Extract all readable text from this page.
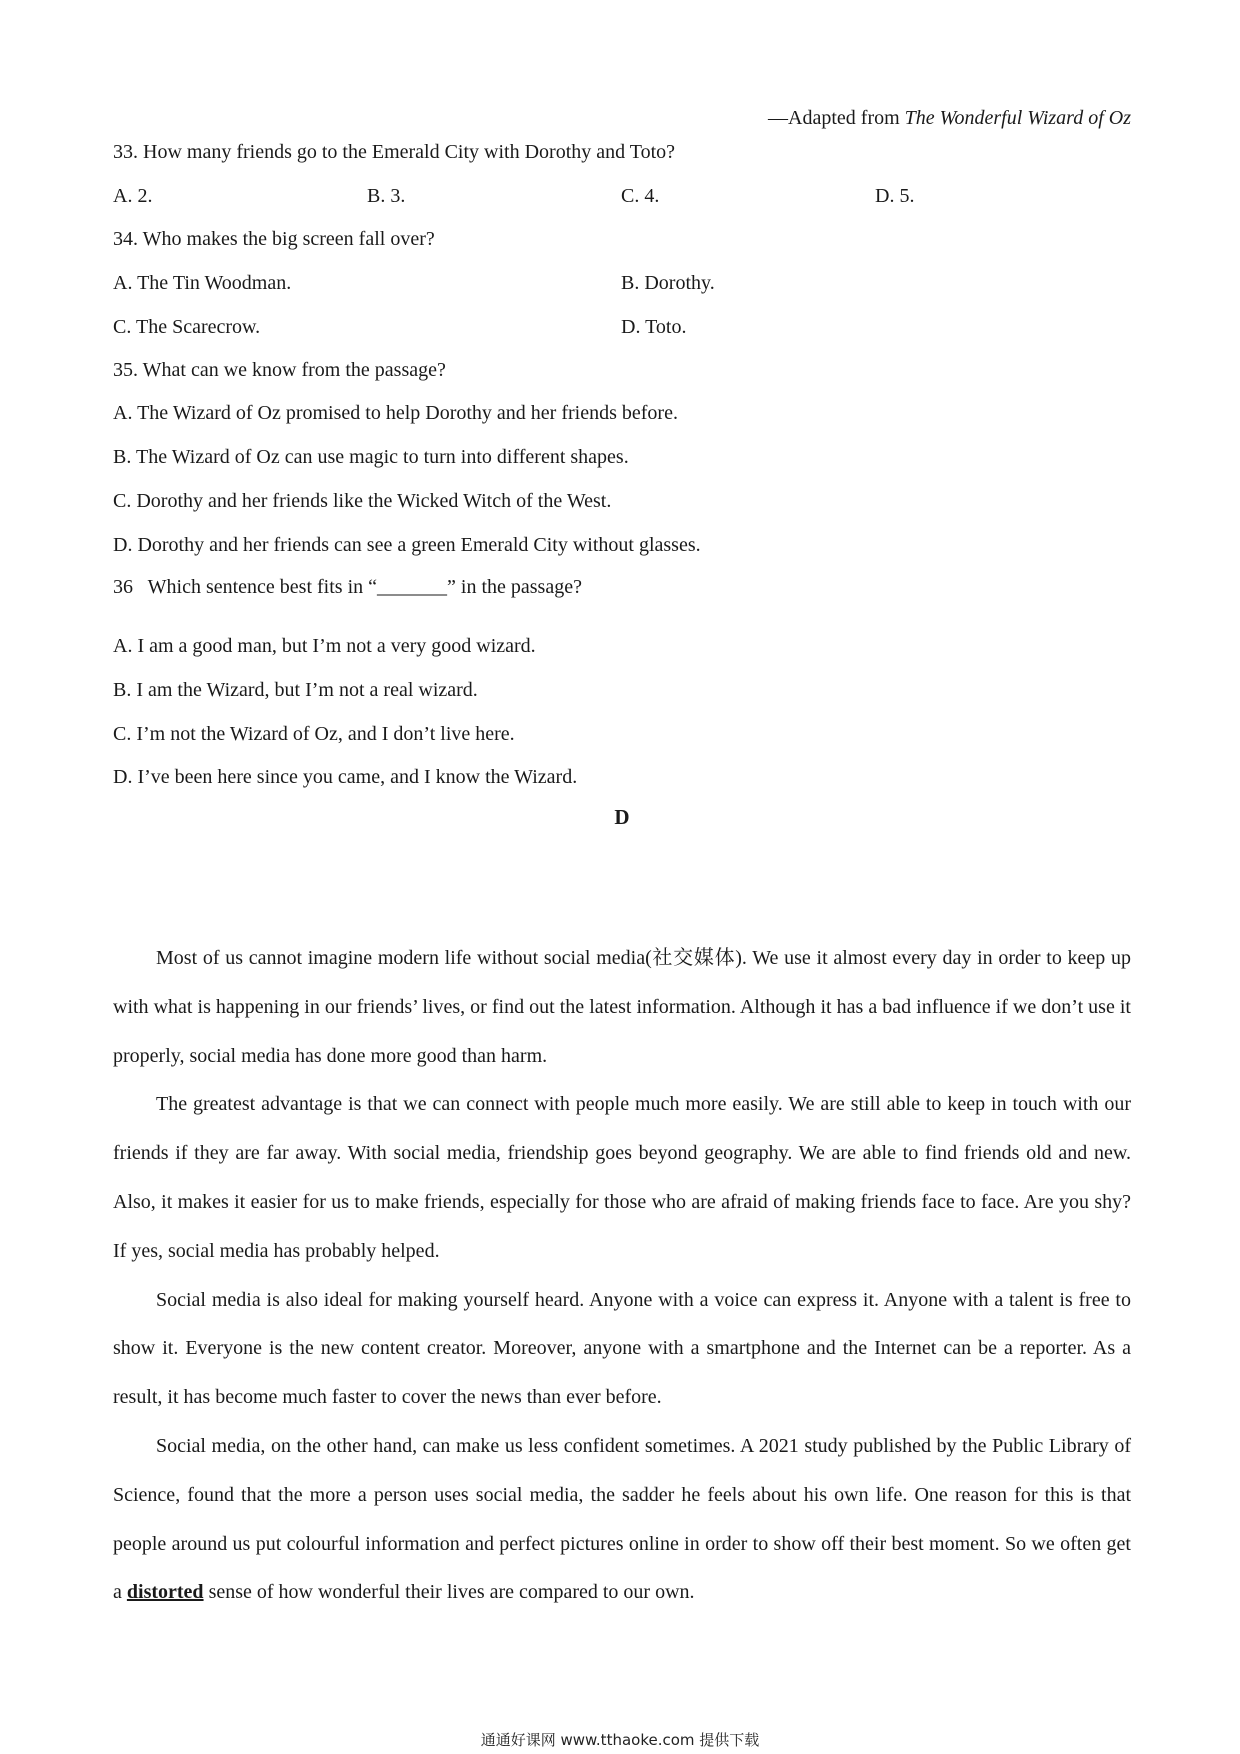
—Adapted from The Wonderful Wizard of Oz
33. How many friends go to the Emerald City with Dorothy and Toto?
A. 2.	B. 3.	C. 4.	D. 5.
34. Who makes the big screen fall over?
A. The Tin Woodman.	B. Dorothy.
C. The Scarecrow.	D. Toto.
35. What can we know from the passage?
A. The Wizard of Oz promised to help Dorothy and her friends before.
B. The Wizard of Oz can use magic to turn into different shapes.
C. Dorothy and her friends like the Wicked Witch of the West.
D. Dorothy and her friends can see a green Emerald City without glasses.
36   Which sentence best fits in “_______” in the passage?
A. I am a good man, but I’m not a very good wizard.
B. I am the Wizard, but I’m not a real wizard.
C. I’m not the Wizard of Oz, and I don’t live here.
D. I’ve been here since you came, and I know the Wizard.
D

Most of us cannot imagine modern life without social media(社交媒体). We use it almost every day in order to keep up with what is happening in our friends’ lives, or find out the latest information. Although it has a bad influence if we don’t use it properly, social media has done more good than harm.

The greatest advantage is that we can connect with people much more easily. We are still able to keep in touch with our friends if they are far away. With social media, friendship goes beyond geography. We are able to find friends old and new. Also, it makes it easier for us to make friends, especially for those who are afraid of making friends face to face. Are you shy? If yes, social media has probably helped.

Social media is also ideal for making yourself heard. Anyone with a voice can express it. Anyone with a talent is free to show it. Everyone is the new content creator. Moreover, anyone with a smartphone and the Internet can be a reporter. As a result, it has become much faster to cover the news than ever before.

Social media, on the other hand, can make us less confident sometimes. A 2021 study published by the Public Library of Science, found that the more a person uses social media, the sadder he feels about his own life. One reason for this is that people around us put colourful information and perfect pictures online in order to show off their best moment. So we often get a distorted sense of how wonderful their lives are compared to our own.

通通好课网 www.tthaoke.com 提供下载
